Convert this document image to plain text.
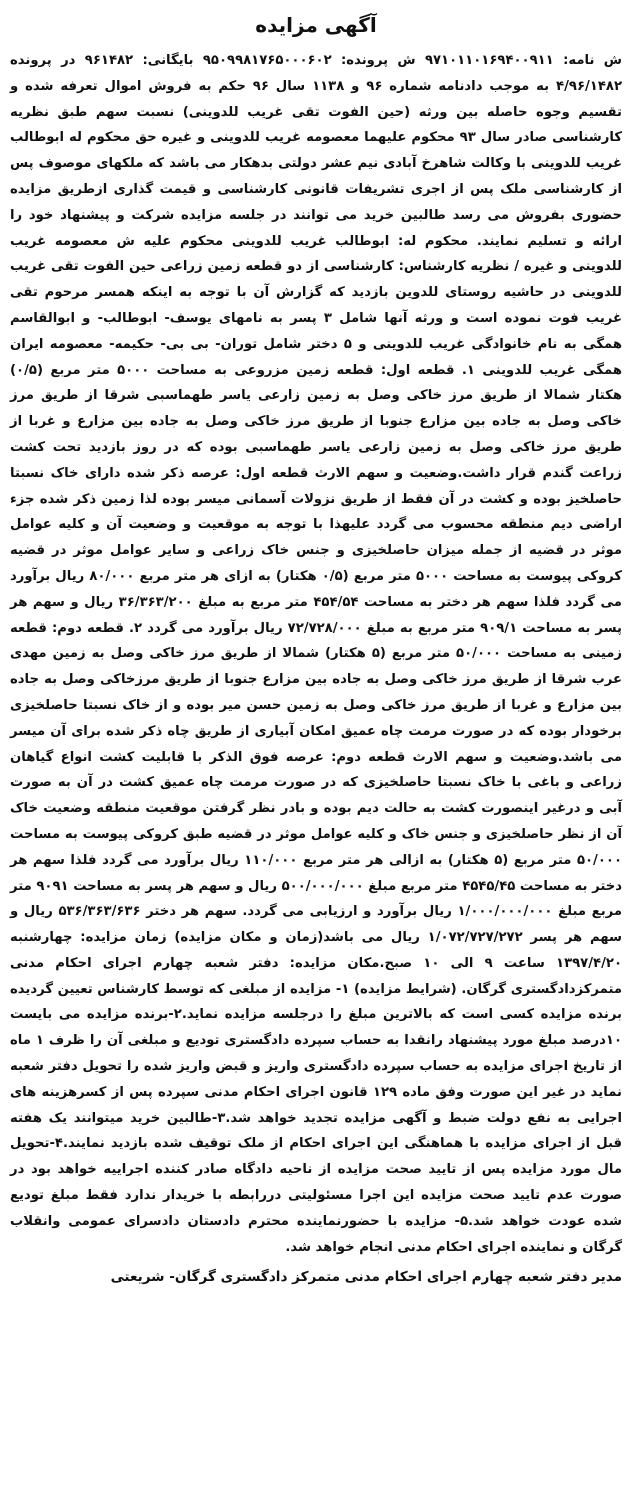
آگهی مزایده

ش نامه: ۹۷۱۰۱۱۰۱۶۹۴۰۰۹۱۱ ش پرونده: ۹۵۰۹۹۸۱۷۶۵۰۰۰۶۰۲ بایگانی: ۹۶۱۴۸۲ در پرونده ۴/۹۶/۱۴۸۲ به موجب دادنامه شماره ۹۶ و ۱۱۳۸ سال ۹۶ حکم به فروش اموال تعرفه شده و تقسیم وجوه حاصله بین ورثه (حین الفوت تقی غریب للدوینی) نسبت سهم طبق نظریه کارشناسی صادر سال ۹۳ محکوم علیهما معصومه غریب للدوینی و غیره حق محکوم له ابوطالب غریب للدوینی با وکالت شاهرخ آبادی نیم عشر دولتی بدهکار می باشد که ملکهای موصوف پس از کارشناسی ملک پس از اجری تشریفات قانونی کارشناسی و قیمت گذاری ازطریق مزایده حضوری بفروش می رسد طالبین خرید می توانند در جلسه مزایده شرکت و پیشنهاد خود را ارائه و تسلیم نمایند. محکوم له: ابوطالب غریب للدوینی محکوم علیه ش معصومه غریب للدوینی و غیره / نظریه کارشناس: کارشناسی از دو قطعه زمین زراعی حین الفوت تقی غریب للدوینی در حاشیه روستای للدوین بازدید که گزارش آن با توجه به اینکه همسر مرحوم تقی غریب فوت نموده است و ورثه آنها شامل ۳ پسر به نامهای یوسف- ابوطالب- و ابوالقاسم همگی به نام خانوادگی غریب للدوینی و ۵ دختر شامل توران- بی بی- حکیمه- معصومه ایران همگی غریب للدوینی ۱. قطعه اول: قطعه زمین مزروعی به مساحت ۵۰۰۰ متر مربع (۰/۵) هکتار شمالا از طریق مرز خاکی وصل به زمین زارعی یاسر طهماسبی شرقا از طریق مرز خاکی وصل به جاده بین مزارع جنوبا از طریق مرز خاکی وصل به جاده بین مزارع و غربا از طریق مرز خاکی وصل به زمین زارعی یاسر طهماسبی بوده که در روز بازدید تحت کشت زراعت گندم قرار داشت.وضعیت و سهم الارث قطعه اول: عرصه ذکر شده دارای خاک نسبتا حاصلخیز بوده و کشت در آن فقط از طریق نزولات آسمانی میسر بوده لذا زمین ذکر شده جزء اراضی دیم منطقه محسوب می گردد علیهذا با توجه به موقعیت و وضعیت آن و کلیه عوامل موثر در قضیه از جمله میزان حاصلخیزی و جنس خاک زراعی و سایر عوامل موثر در قضیه کروکی پیوست به مساحت ۵۰۰۰ متر مربع (۰/۵ هکتار) به ازای هر متر مربع ۸۰/۰۰۰ ریال برآورد می گردد فلذا سهم هر دختر به مساحت ۴۵۴/۵۴ متر مربع به مبلغ ۳۶/۳۶۳/۲۰۰ ریال و سهم هر پسر به مساحت ۹۰۹/۱ متر مربع به مبلغ ۷۲/۷۲۸/۰۰۰ ریال برآورد می گردد ۲. قطعه دوم: قطعه زمینی به مساحت ۵۰/۰۰۰ متر مربع (۵ هکتار) شمالا از طریق مرز خاکی وصل به زمین مهدی عرب شرقا از طریق مرز خاکی وصل به جاده بین مزارع جنوبا از طریق مرزخاکی وصل به جاده بین مزارع و غربا از طریق مرز خاکی وصل به زمین حسن میر بوده و از خاک نسبتا حاصلخیزی برخودار بوده که در صورت مرمت چاه عمیق امکان آبیاری از طریق چاه ذکر شده برای آن میسر می باشد.وضعیت و سهم الارث قطعه دوم: عرصه فوق الذکر با قابلیت کشت انواع گیاهان زراعی و باغی با خاک نسبتا حاصلخیزی که در صورت مرمت چاه عمیق کشت در آن به صورت آبی و درغیر اینصورت کشت به حالت دیم بوده و بادر نظر گرفتن موقعیت منطقه وضعیت خاک آن از نظر حاصلخیزی و جنس خاک و کلیه عوامل موثر در قضیه طبق کروکی پیوست به مساحت ۵۰/۰۰۰ متر مربع (۵ هکتار) به ازالی هر متر مربع ۱۱۰/۰۰۰ ریال برآورد می گردد فلذا سهم هر دختر به مساحت ۴۵۴۵/۴۵ متر مربع مبلغ ۵۰۰/۰۰۰/۰۰۰ ریال و سهم هر پسر به مساحت ۹۰۹۱ متر مربع مبلغ ۱/۰۰۰/۰۰۰/۰۰۰ ریال برآورد و ارزیابی می گردد. سهم هر دختر ۵۳۶/۳۶۳/۶۳۶ ریال و سهم هر پسر ۱/۰۷۲/۷۲۷/۲۷۲ ریال می باشد(زمان و مکان مزایده) زمان مزایده: چهارشنبه ۱۳۹۷/۴/۲۰ ساعت ۹ الی ۱۰ صبح.مکان مزایده: دفتر شعبه چهارم اجرای احکام مدنی متمرکزدادگستری گرگان. (شرایط مزایده) ۱- مزایده از مبلغی که توسط کارشناس تعیین گردیده برنده مزایده کسی است که بالاترین مبلغ را درجلسه مزایده نماید.۲-برنده مزایده می بایست ۱۰درصد مبلغ مورد پیشنهاد رانقدا به حساب سپرده دادگستری توديع و مبلغی آن را ظرف ۱ ماه از تاریخ اجرای مزایده به حساب سپرده دادگستری واریز و قبض واریز شده را تحویل دفتر شعبه نماید در غیر این صورت وفق ماده ۱۲۹ قانون اجرای احکام مدنی سپرده پس از کسرهزینه های اجرایی به نفع دولت ضبط و آگهی مزایده تجدید خواهد شد.۳-طالبین خرید میتوانند یک هفته قبل از اجرای مزایده با هماهنگی این اجرای احکام از ملک توقیف شده بازدید نمایند.۴-تحویل مال مورد مزایده پس از تایید صحت مزایده از ناحیه دادگاه صادر کننده اجراییه خواهد بود در صورت عدم تایید صحت مزایده این اجرا مسئولیتی دررابطه با خریدار ندارد فقط مبلغ توديع شده عودت خواهد شد.۵- مزایده با حضورنماینده محترم دادستان دادسرای عمومی وانقلاب گرگان و نماینده اجرای احکام مدنی انجام خواهد شد.

مدیر دفتر شعبه چهارم اجرای احکام مدنی متمرکز دادگستری گرگان- شریعتی
